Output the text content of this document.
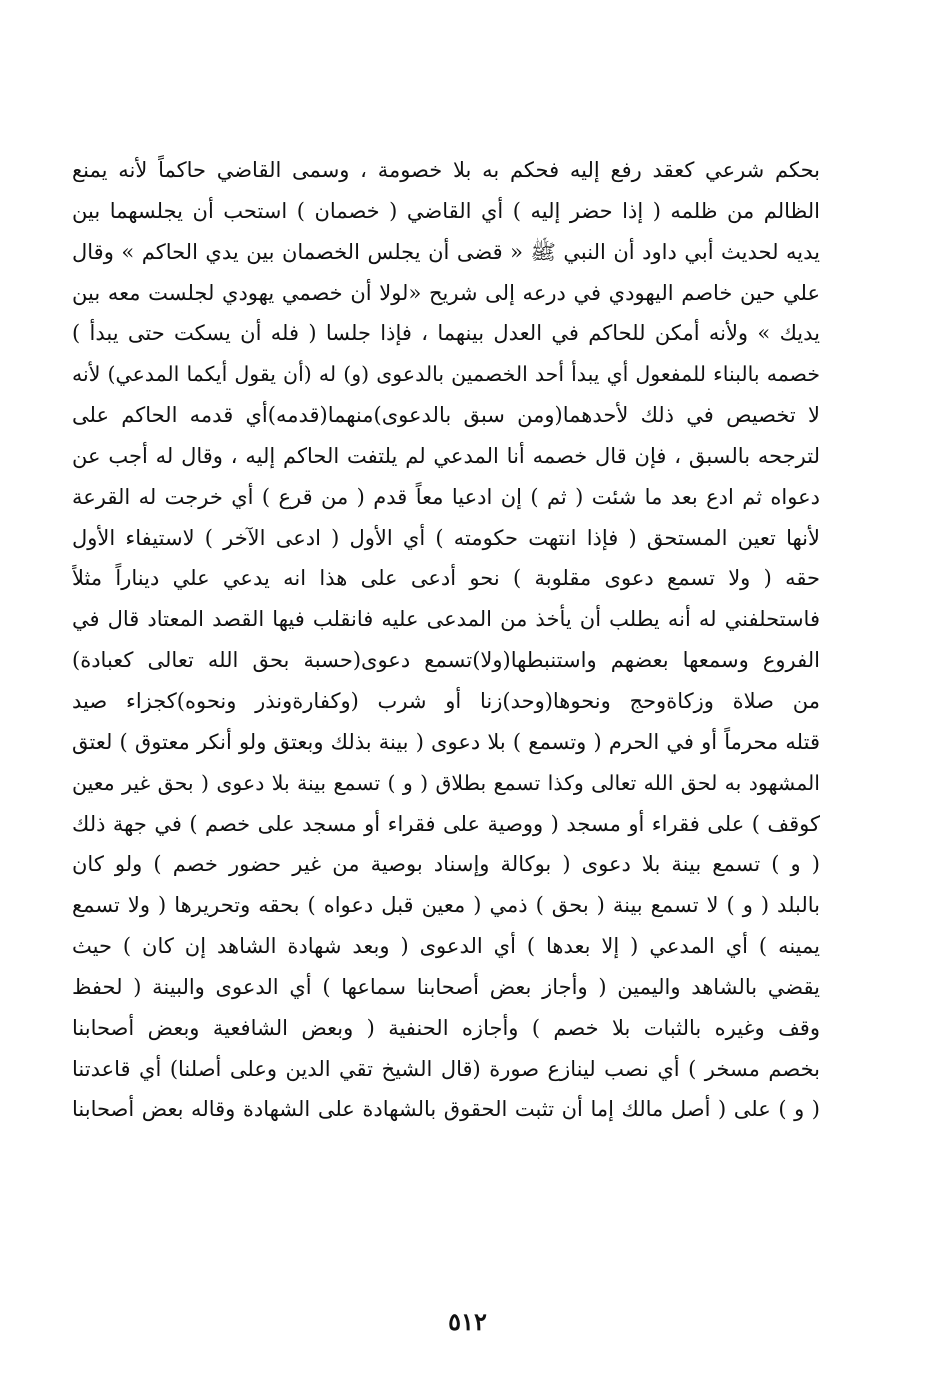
بحكم شرعي كعقد رفع إليه فحكم به بلا خصومة ، وسمى القاضي حاكماً لأنه يمنع
الظالم من ظلمه ( إذا حضر إليه ) أي القاضي ( خصمان ) استحب أن يجلسهما بين
يديه لحديث أبي داود أن النبي ﷺ « قضى أن يجلس الخصمان بين يدي الحاكم » وقال
علي حين خاصم اليهودي في درعه إلى شريح «لولا أن خصمي يهودي لجلست معه بين
يديك » ولأنه أمكن للحاكم في العدل بينهما ، فإذا جلسا ( فله أن يسكت حتى يبدأ )
خصمه بالبناء للمفعول أي يبدأ أحد الخصمين بالدعوى (و) له (أن يقول أيكما المدعي) لأنه
لا تخصيص في ذلك لأحدهما(ومن سبق بالدعوى)منهما(قدمه)أي قدمه الحاكم على
لترجحه بالسبق ، فإن قال خصمه أنا المدعي لم يلتفت الحاكم إليه ، وقال له أجب عن
دعواه ثم ادع بعد ما شئت ( ثم ) إن ادعيا معاً قدم ( من قرع ) أي خرجت له القرعة
لأنها تعين المستحق ( فإذا انتهت حكومته ) أي الأول ( ادعى الآخر ) لاستيفاء الأول
حقه ( ولا تسمع دعوى مقلوبة ) نحو أدعى على هذا انه يدعي علي ديناراً مثلاً
فاستحلفني له أنه يطلب أن يأخذ من المدعى عليه فانقلب فيها القصد المعتاد قال في
الفروع وسمعها بعضهم واستنبطها(ولا)تسمع دعوى(حسبة بحق الله تعالى كعبادة)
من صلاة وزكاةوحج ونحوها(وحد)زنا أو شرب (وكفارةونذر ونحوه)كجزاء صيد
قتله محرماً أو في الحرم ( وتسمع ) بلا دعوى ( بينة بذلك وبعتق ولو أنكر معتوق ) لعتق
المشهود به لحق الله تعالى وكذا تسمع بطلاق ( و ) تسمع بينة بلا دعوى ( بحق غير معين
كوقف ) على فقراء أو مسجد ( ووصية على فقراء أو مسجد على خصم ) في جهة ذلك
( و ) تسمع بينة بلا دعوى ( بوكالة وإسناد بوصية من غير حضور خصم ) ولو كان
بالبلد ( و ) لا تسمع بينة ( بحق ) ذمي ( معين قبل دعواه ) بحقه وتحريرها ( ولا تسمع
يمينه ) أي المدعي ( إلا بعدها ) أي الدعوى ( وبعد شهادة الشاهد إن كان ) حيث
يقضي بالشاهد واليمين ( وأجاز بعض أصحابنا سماعها ) أي الدعوى والبينة ( لحفظ
وقف وغيره بالثبات بلا خصم ) وأجازه الحنفية ( وبعض الشافعية وبعض أصحابنا
بخصم مسخر ) أي نصب لينازع صورة (قال الشيخ تقي الدين وعلى أصلنا) أي قاعدتنا
( و ) على ( أصل مالك إما أن تثبت الحقوق بالشهادة على الشهادة وقاله بعض أصحابنا
٥١٢
